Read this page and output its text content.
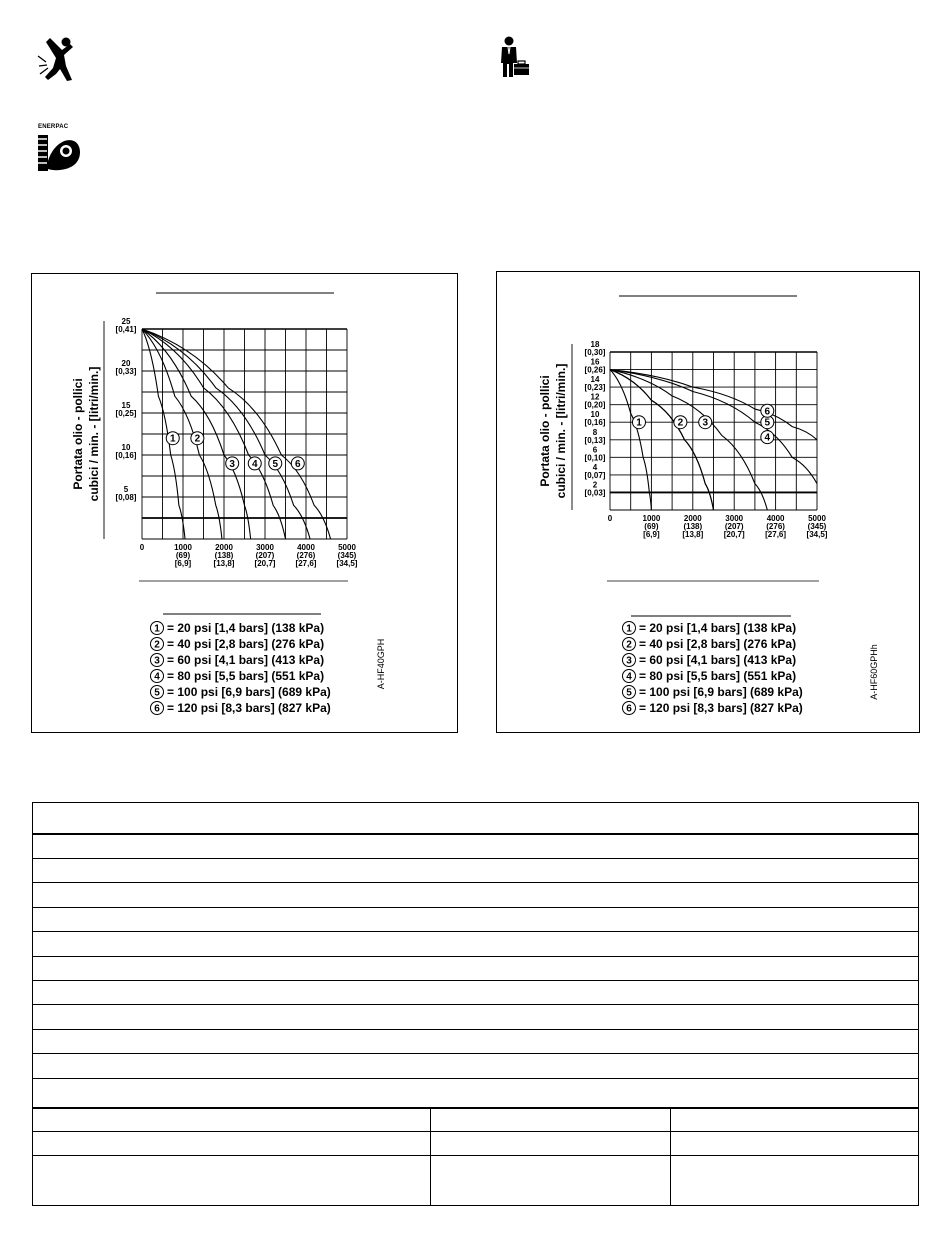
ENERPAC
Portata olio - pollici cubici / min. - [litri/min.]	5
[0,08]
10
[0,16]
15
[0,25]
20
[0,33]
25
[0,41]
0	1000
(69)
[6,9]
2000
(138)
[13,8]
3000
(207)
[20,7]
4000
(276)
[27,6]
5000
(345)
[34,5]
1 2
3 4 5 6
1 = 20 psi [1,4 bars] (138 kPa)
2 = 40 psi [2,8 bars] (276 kPa)
3 = 60 psi [4,1 bars] (413 kPa)
4 = 80 psi [5,5 bars] (551 kPa)
5 = 100 psi [6,9 bars] (689 kPa)
6 = 120 psi [8,3 bars] (827 kPa)
A-HF40GPH
Portata olio - pollici cubici / min. - [litri/min.]	2
[0,03]
4
[0,07]
6
[0,10]
8
[0,13]
10
[0,16]
12
[0,20]
14
[0,23]
16
[0,26]
18
[0,30]
0	1000
(69)
[6,9]
2000
(138)
[13,8]
3000
(207)
[20,7]
4000
(276)
[27,6]
5000
(345)
[34,5]
1	2 3
4
5
6
1 = 20 psi [1,4 bars] (138 kPa)
2 = 40 psi [2,8 bars] (276 kPa)
3 = 60 psi [4,1 bars] (413 kPa)
4 = 80 psi [5,5 bars] (551 kPa)
5 = 100 psi [6,9 bars] (689 kPa)
6 = 120 psi [8,3 bars] (827 kPa)
A-HF60GPHh
